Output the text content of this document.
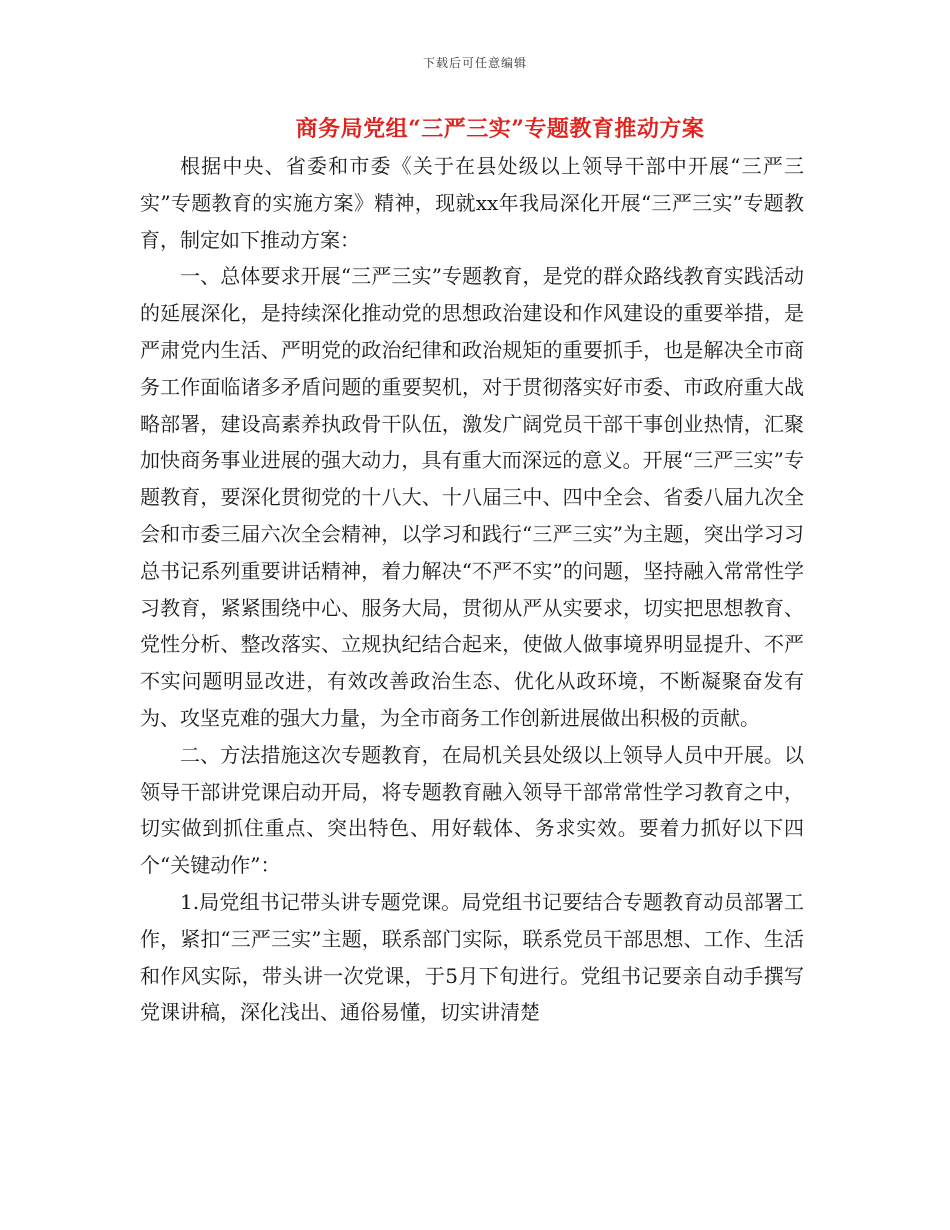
下载后可任意编辑
商务局党组“三严三实”专题教育推动方案

根据中央、省委和市委《关于在县处级以上领导干部中开展“三严三实”专题教育的实施方案》精神，现就xx年我局深化开展“三严三实”专题教育，制定如下推动方案：

一、总体要求开展“三严三实”专题教育，是党的群众路线教育实践活动的延展深化，是持续深化推动党的思想政治建设和作风建设的重要举措，是严肃党内生活、严明党的政治纪律和政治规矩的重要抓手，也是解决全市商务工作面临诸多矛盾问题的重要契机，对于贯彻落实好市委、市政府重大战略部署，建设高素养执政骨干队伍，激发广阔党员干部干事创业热情，汇聚加快商务事业进展的强大动力，具有重大而深远的意义。开展“三严三实”专题教育，要深化贯彻党的十八大、十八届三中、四中全会、省委八届九次全会和市委三届六次全会精神，以学习和践行“三严三实”为主题，突出学习习总书记系列重要讲话精神，着力解决“不严不实”的问题，坚持融入常常性学习教育，紧紧围绕中心、服务大局，贯彻从严从实要求，切实把思想教育、党性分析、整改落实、立规执纪结合起来，使做人做事境界明显提升、不严不实问题明显改进，有效改善政治生态、优化从政环境，不断凝聚奋发有为、攻坚克难的强大力量，为全市商务工作创新进展做出积极的贡献。

二、方法措施这次专题教育，在局机关县处级以上领导人员中开展。以领导干部讲党课启动开局，将专题教育融入领导干部常常性学习教育之中，切实做到抓住重点、突出特色、用好载体、务求实效。要着力抓好以下四个“关键动作”：

1.局党组书记带头讲专题党课。局党组书记要结合专题教育动员部署工作，紧扣“三严三实”主题，联系部门实际，联系党员干部思想、工作、生活和作风实际，带头讲一次党课，于5月下旬进行。党组书记要亲自动手撰写党课讲稿，深化浅出、通俗易懂，切实讲清楚
